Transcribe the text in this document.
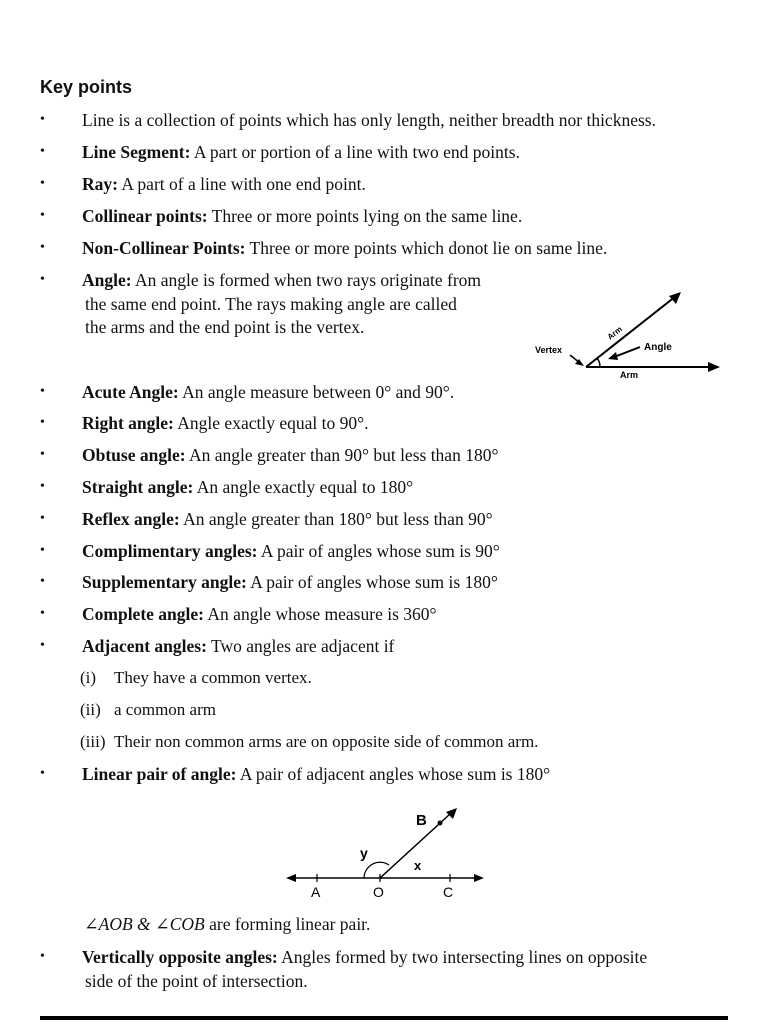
Key points
• Line is a collection of points which has only length, neither breadth nor thickness.
• Line Segment: A part or portion of a line with two end points.
• Ray: A part of a line with one end point.
• Collinear points: Three or more points lying on the same line.
• Non-Collinear Points: Three or more points which donot lie on same line.
• Angle: An angle is formed when two rays originate from
the same end point. The rays making angle are called
the arms and the end point is the vertex.
Vertex
Arm
Angle
Arm
• Acute Angle: An angle measure between 0° and 90°.
• Right angle: Angle exactly equal to 90°.
• Obtuse angle: An angle greater than 90° but less than 180°
• Straight angle: An angle exactly equal to 180°
• Reflex angle: An angle greater than 180° but less than 90°
• Complimentary angles: A pair of angles whose sum is 90°
• Supplementary angle: A pair of angles whose sum is 180°
• Complete angle: An angle whose measure is 360°
• Adjacent angles: Two angles are adjacent if
(i) They have a common vertex.
(ii) a common arm
(iii) Their non common arms are on opposite side of common arm.
• Linear pair of angle: A pair of adjacent angles whose sum is 180°
A	O	C
B
y
x
∠AOB & ∠COB are forming linear pair.
• Vertically opposite angles: Angles formed by two intersecting lines on opposite
side of the point of intersection.
